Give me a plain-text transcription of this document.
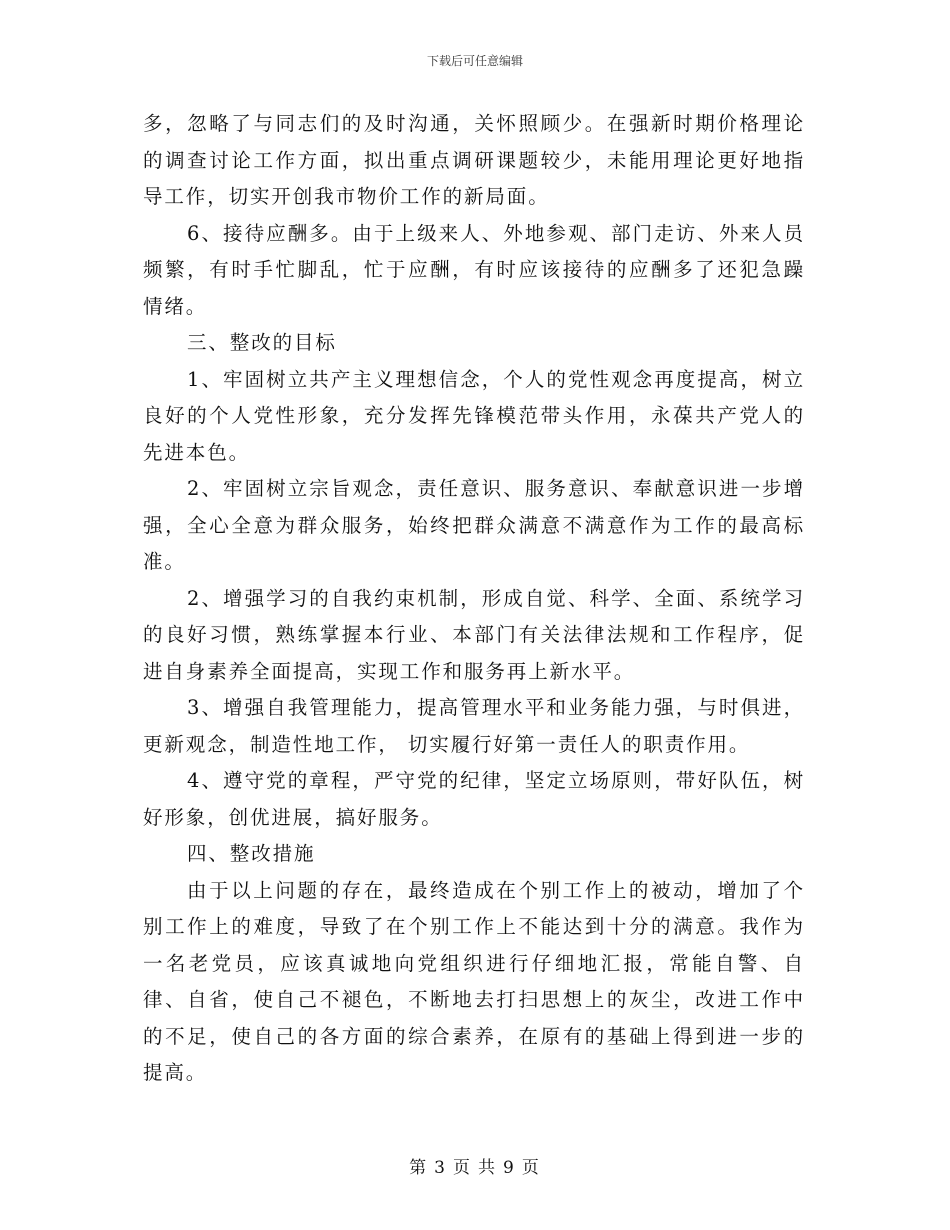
下载后可任意编辑

多，忽略了与同志们的及时沟通，关怀照顾少。在强新时期价格理论的调查讨论工作方面，拟出重点调研课题较少，未能用理论更好地指导工作，切实开创我市物价工作的新局面。

6、接待应酬多。由于上级来人、外地参观、部门走访、外来人员频繁，有时手忙脚乱，忙于应酬，有时应该接待的应酬多了还犯急躁情绪。

三、整改的目标

1、牢固树立共产主义理想信念，个人的党性观念再度提高，树立良好的个人党性形象，充分发挥先锋模范带头作用，永葆共产党人的先进本色。

2、牢固树立宗旨观念，责任意识、服务意识、奉献意识进一步增强，全心全意为群众服务，始终把群众满意不满意作为工作的最高标准。

2、增强学习的自我约束机制，形成自觉、科学、全面、系统学习的良好习惯，熟练掌握本行业、本部门有关法律法规和工作程序，促进自身素养全面提高，实现工作和服务再上新水平。

3、增强自我管理能力，提高管理水平和业务能力强，与时俱进，更新观念，制造性地工作， 切实履行好第一责任人的职责作用。

4、遵守党的章程，严守党的纪律，坚定立场原则，带好队伍，树好形象，创优进展，搞好服务。

四、整改措施

由于以上问题的存在，最终造成在个别工作上的被动，增加了个别工作上的难度，导致了在个别工作上不能达到十分的满意。我作为一名老党员，应该真诚地向党组织进行仔细地汇报，常能自警、自律、自省，使自己不褪色，不断地去打扫思想上的灰尘，改进工作中的不足，使自己的各方面的综合素养，在原有的基础上得到进一步的提高。

第 3 页 共 9 页
